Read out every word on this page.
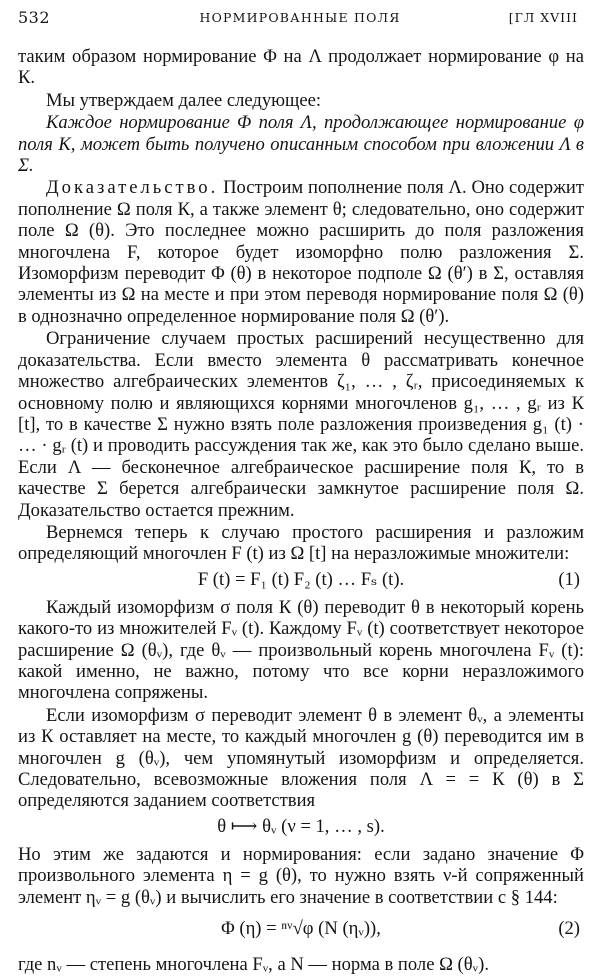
532	НОРМИРОВАННЫЕ ПОЛЯ	[ГЛ XVIII

таким образом нормирование Φ на Λ продолжает нормирование φ на К.

Мы утверждаем далее следующее:

Каждое нормирование Φ поля Λ, продолжающее нормирование φ поля К, может быть получено описанным способом при вложении Λ в Σ.

Доказательство. Построим пополнение поля Λ. Оно содержит пополнение Ω поля К, а также элемент θ; следовательно, оно содержит поле Ω (θ). Это последнее можно расширить до поля разложения многочлена F, которое будет изоморфно полю разложения Σ. Изоморфизм переводит Φ (θ) в некоторое подполе Ω (θ′) в Σ, оставляя элементы из Ω на месте и при этом переводя нормирование поля Ω (θ) в однозначно определенное нормирование поля Ω (θ′).

Ограничение случаем простых расширений несущественно для доказательства. Если вместо элемента θ рассматривать конечное множество алгебраических элементов ζ₁, … , ζᵣ, присоединяемых к основному полю и являющихся корнями многочленов g₁, … , gᵣ из К [t], то в качестве Σ нужно взять поле разложения произведения g₁ (t) · … · gᵣ (t) и проводить рассуждения так же, как это было сделано выше. Если Λ — бесконечное алгебраическое расширение поля К, то в качестве Σ берется алгебраически замкнутое расширение поля Ω. Доказательство остается прежним.

Вернемся теперь к случаю простого расширения и разложим определяющий многочлен F (t) из Ω [t] на неразложимые множители:

F (t) = F₁ (t) F₂ (t) … Fₛ (t).	(1)

Каждый изоморфизм σ поля К (θ) переводит θ в некоторый корень какого-то из множителей Fᵥ (t). Каждому Fᵥ (t) соответствует некоторое расширение Ω (θᵥ), где θᵥ — произвольный корень многочлена Fᵥ (t): какой именно, не важно, потому что все корни неразложимого многочлена сопряжены.

Если изоморфизм σ переводит элемент θ в элемент θᵥ, а элементы из К оставляет на месте, то каждый многочлен g (θ) переводится им в многочлен g (θᵥ), чем упомянутый изоморфизм и определяется. Следовательно, всевозможные вложения поля Λ = = К (θ) в Σ определяются заданием соответствия

θ ⟼ θᵥ (ν = 1, … , s).

Но этим же задаются и нормирования: если задано значение Φ произвольного элемента η = g (θ), то нужно взять ν-й сопряженный элемент ηᵥ = g (θᵥ) и вычислить его значение в соответствии с § 144:

Φ (η) = ⁿᵛ√φ (N (ηᵥ)),	(2)

где nᵥ — степень многочлена Fᵥ, а N — норма в поле Ω (θᵥ).
